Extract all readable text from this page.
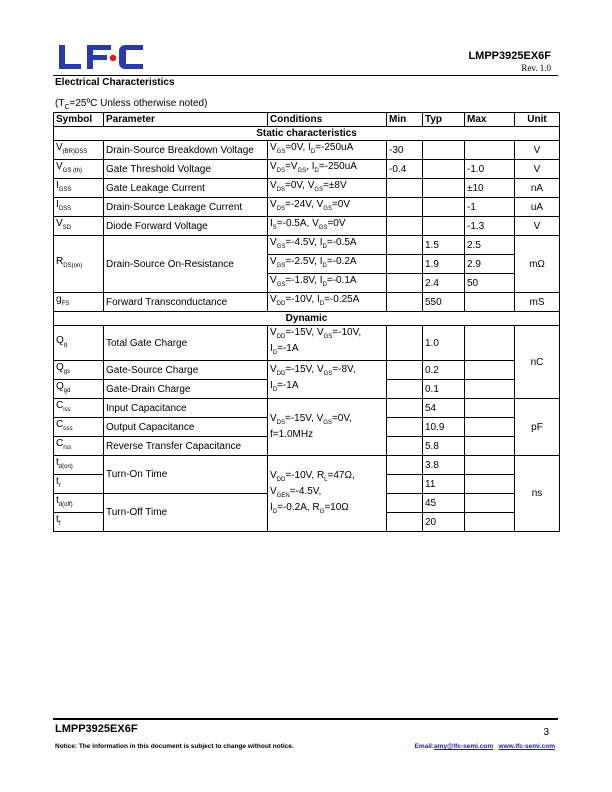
LMPP3925EX6F
Rev. 1.0
Electrical Characteristics
($T_C=25ºC$ Unless otherwise noted)
Symbol	Parameter	Conditions	Min	Typ	Max	Unit
Static characteristics						
$V_{(BR)DSS}$	Drain-Source Breakdown Voltage	$V_{GS}=0V$, $I_D=-250uA$	-30			V
$V_{GS (th)}$	Gate Threshold Voltage	$V_{DS}=V_{GS}$, $I_D=-250uA$	-0.4		-1.0	V
$I_{GSS}$	Gate Leakage Current	$V_{DS}=0V$, $V_{GS}=\pm 8V$			±10	nA
$I_{DSS}$	Drain-Source Leakage Current	$V_{DS}=-24V$, $V_{GS}=0V$			-1	uA
$V_{SD}$	Diode Forward Voltage	$I_S=-0.5A$, $V_{GS}=0V$			-1.3	V
$R_{DS(on)}$	Drain-Source On-Resistance	$V_{GS}=-4.5V$, $I_D=-0.5A$		1.5	2.5	mΩ
		$V_{GS}=-2.5V$, $I_D=-0.2A$		1.9	2.9	
		$V_{GS}=-1.8V$, $I_D=-0.1A$		2.4	50	
$g_{FS}$	Forward Transconductance	$V_{DD}=-10V$, $I_D=-0.25A$		550		mS
Dynamic						
$Q_g$	Total Gate Charge	$V_{DD}=-15V$, $V_{GS}=-10V$,
$I_D=-1A$		1.0		nC
$Q_{gs}$	Gate-Source Charge	$V_{DD}=-15V$, $V_{GS}=-8V$,
$I_D=-1A$		0.2		
$Q_{gd}$	Gate-Drain Charge			0.1		
$C_{iss}$	Input Capacitance	$V_{DS}=-15V$, $V_{GS}=0V$,
f=1.0MHz		54		pF
$C_{oss}$	Output Capacitance			10.9		
$C_{rss}$	Reverse Transfer Capacitance			5.8		
$t_{d(on)}$	Turn-On Time	$V_{DD}=-10V$, $R_L=47\Omega$,
$V_{GEN}=-4.5V$,
$I_D=-0.2A$, $R_G=10\Omega$		3.8		ns
$t_r$				11		
$t_{d(off)}$	Turn-Off Time			45		
$t_f$				20		
LMPP3925EX6F	3
Notice: The information in this document is subject to change without notice.	Email:amy@lfc-semi.com www.lfc-semi.com
